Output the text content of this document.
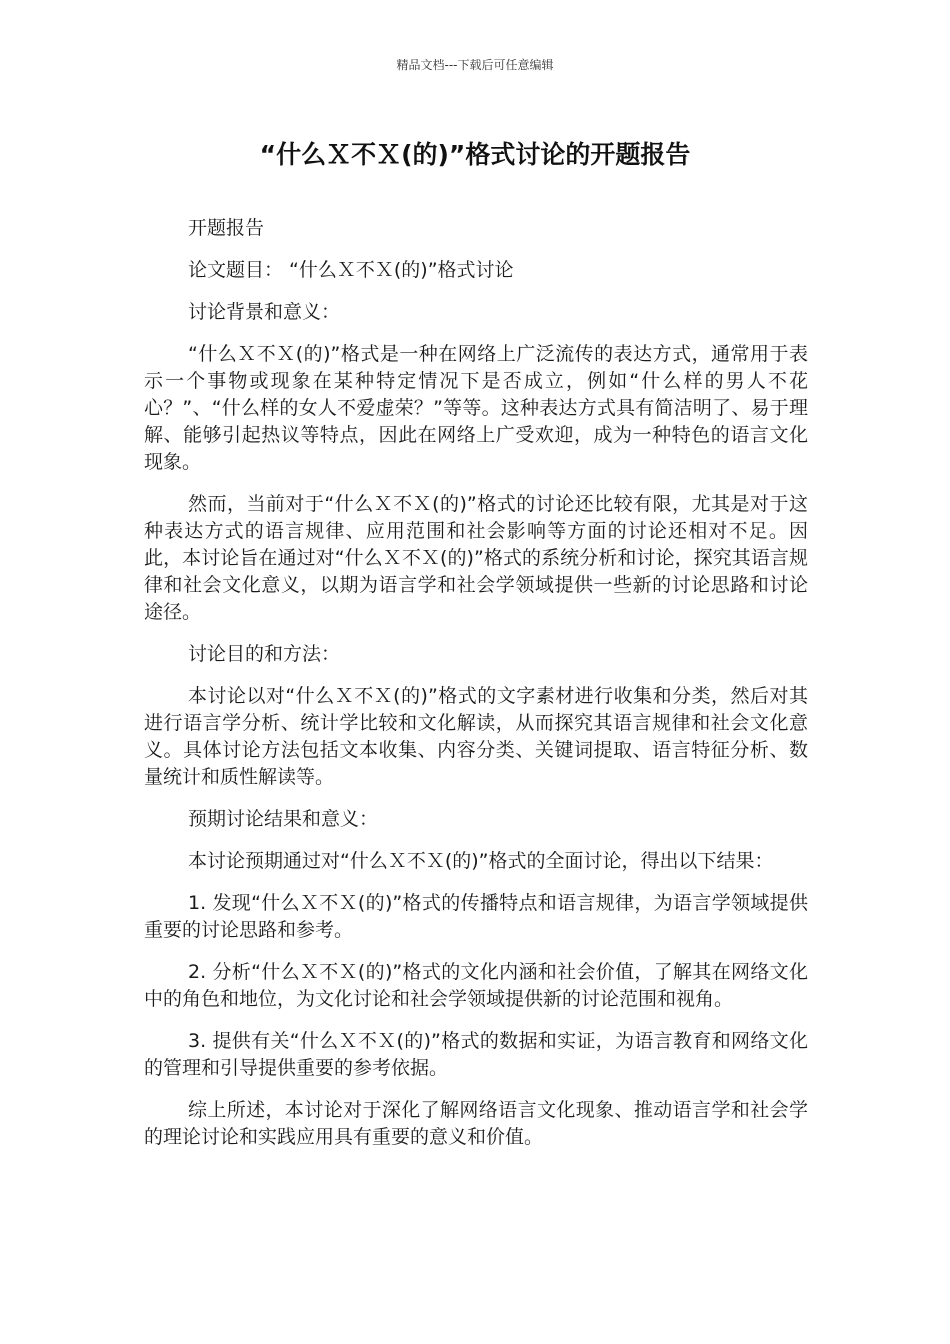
精品文档---下载后可任意编辑
“什么Ｘ不Ｘ(的)”格式讨论的开题报告

开题报告

论文题目： “什么Ｘ不Ｘ(的)”格式讨论

讨论背景和意义：

“什么Ｘ不Ｘ(的)”格式是一种在网络上广泛流传的表达方式，通常用于表示一个事物或现象在某种特定情况下是否成立，例如“什么样的男人不花心？”、“什么样的女人不爱虚荣？”等等。这种表达方式具有简洁明了、易于理解、能够引起热议等特点，因此在网络上广受欢迎，成为一种特色的语言文化现象。

然而，当前对于“什么Ｘ不Ｘ(的)”格式的讨论还比较有限，尤其是对于这种表达方式的语言规律、应用范围和社会影响等方面的讨论还相对不足。因此，本讨论旨在通过对“什么Ｘ不Ｘ(的)”格式的系统分析和讨论，探究其语言规律和社会文化意义，以期为语言学和社会学领域提供一些新的讨论思路和讨论途径。

讨论目的和方法：

本讨论以对“什么Ｘ不Ｘ(的)”格式的文字素材进行收集和分类，然后对其进行语言学分析、统计学比较和文化解读，从而探究其语言规律和社会文化意义。具体讨论方法包括文本收集、内容分类、关键词提取、语言特征分析、数量统计和质性解读等。

预期讨论结果和意义：

本讨论预期通过对“什么Ｘ不Ｘ(的)”格式的全面讨论，得出以下结果：

1. 发现“什么Ｘ不Ｘ(的)”格式的传播特点和语言规律，为语言学领域提供重要的讨论思路和参考。

2. 分析“什么Ｘ不Ｘ(的)”格式的文化内涵和社会价值，了解其在网络文化中的角色和地位，为文化讨论和社会学领域提供新的讨论范围和视角。

3. 提供有关“什么Ｘ不Ｘ(的)”格式的数据和实证，为语言教育和网络文化的管理和引导提供重要的参考依据。

综上所述，本讨论对于深化了解网络语言文化现象、推动语言学和社会学的理论讨论和实践应用具有重要的意义和价值。
